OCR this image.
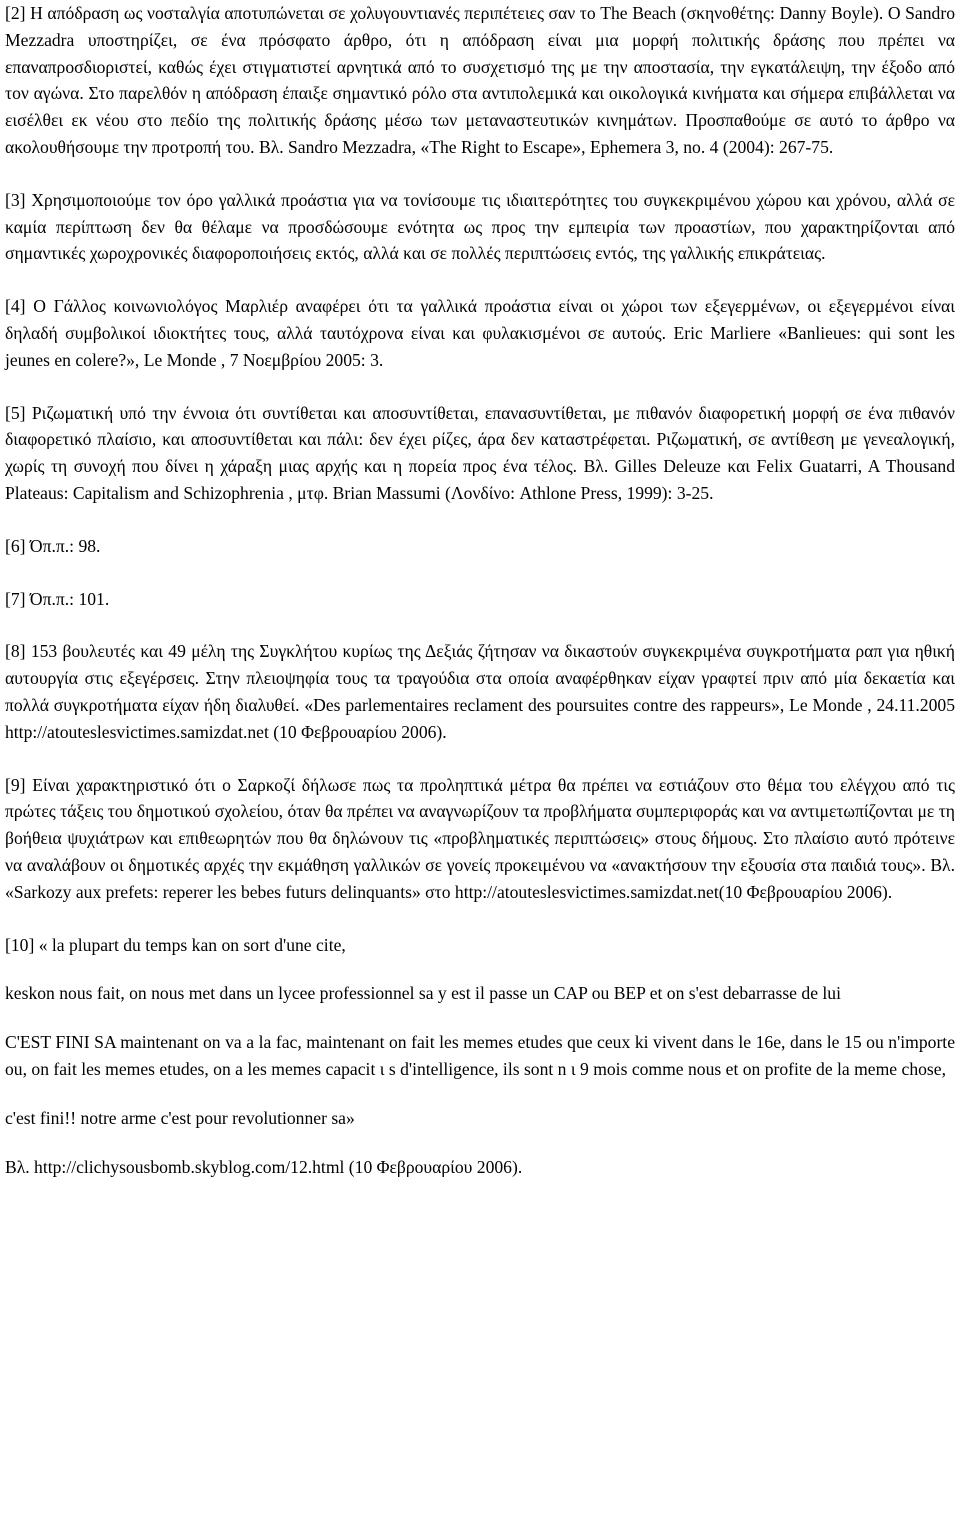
[2] Η απόδραση ως νοσταλγία αποτυπώνεται σε χολυγουντιανές περιπέτειες σαν το The Beach (σκηνοθέτης: Danny Boyle). Ο Sandro Mezzadra υποστηρίζει, σε ένα πρόσφατο άρθρο, ότι η απόδραση είναι μια μορφή πολιτικής δράσης που πρέπει να επαναπροσδιοριστεί, καθώς έχει στιγματιστεί αρνητικά από το συσχετισμό της με την αποστασία, την εγκατάλειψη, την έξοδο από τον αγώνα. Στο παρελθόν η απόδραση έπαιξε σημαντικό ρόλο στα αντιπολεμικά και οικολογικά κινήματα και σήμερα επιβάλλεται να εισέλθει εκ νέου στο πεδίο της πολιτικής δράσης μέσω των μεταναστευτικών κινημάτων. Προσπαθούμε σε αυτό το άρθρο να ακολουθήσουμε την προτροπή του. Βλ. Sandro Mezzadra, «The Right to Escape», Ephemera 3, no. 4 (2004): 267-75.

[3] Χρησιμοποιούμε τον όρο γαλλικά προάστια για να τονίσουμε τις ιδιαιτερότητες του συγκεκριμένου χώρου και χρόνου, αλλά σε καμία περίπτωση δεν θα θέλαμε να προσδώσουμε ενότητα ως προς την εμπειρία των προαστίων, που χαρακτηρίζονται από σημαντικές χωροχρονικές διαφοροποιήσεις εκτός, αλλά και σε πολλές περιπτώσεις εντός, της γαλλικής επικράτειας.

[4] Ο Γάλλος κοινωνιολόγος Μαρλιέρ αναφέρει ότι τα γαλλικά προάστια είναι οι χώροι των εξεγερμένων, οι εξεγερμένοι είναι δηλαδή συμβολικοί ιδιοκτήτες τους, αλλά ταυτόχρονα είναι και φυλακισμένοι σε αυτούς. Eric Marliere «Banlieues: qui sont les jeunes en colere?», Le Monde , 7 Νοεμβρίου 2005: 3.

[5] Ριζωματική υπό την έννοια ότι συντίθεται και αποσυντίθεται, επανασυντίθεται, με πιθανόν διαφορετική μορφή σε ένα πιθανόν διαφορετικό πλαίσιο, και αποσυντίθεται και πάλι: δεν έχει ρίζες, άρα δεν καταστρέφεται. Ριζωματική, σε αντίθεση με γενεαλογική, χωρίς τη συνοχή που δίνει η χάραξη μιας αρχής και η πορεία προς ένα τέλος. Βλ. Gilles Deleuze και Felix Guatarri, A Thousand Plateaus: Capitalism and Schizophrenia , μτφ. Brian Massumi (Λονδίνο: Athlone Press, 1999): 3-25.

[6] Όπ.π.: 98.

[7] Όπ.π.: 101.

[8] 153 βουλευτές και 49 μέλη της Συγκλήτου κυρίως της Δεξιάς ζήτησαν να δικαστούν συγκεκριμένα συγκροτήματα ραπ για ηθική αυτουργία στις εξεγέρσεις. Στην πλειοψηφία τους τα τραγούδια στα οποία αναφέρθηκαν είχαν γραφτεί πριν από μία δεκαετία και πολλά συγκροτήματα είχαν ήδη διαλυθεί. «Des parlementaires reclament des poursuites contre des rappeurs», Le Monde , 24.11.2005 http://atouteslesvictimes.samizdat.net (10 Φεβρουαρίου 2006).

[9] Είναι χαρακτηριστικό ότι ο Σαρκοζί δήλωσε πως τα προληπτικά μέτρα θα πρέπει να εστιάζουν στο θέμα του ελέγχου από τις πρώτες τάξεις του δημοτικού σχολείου, όταν θα πρέπει να αναγνωρίζουν τα προβλήματα συμπεριφοράς και να αντιμετωπίζονται με τη βοήθεια ψυχιάτρων και επιθεωρητών που θα δηλώνουν τις «προβληματικές περιπτώσεις» στους δήμους. Στο πλαίσιο αυτό πρότεινε να αναλάβουν οι δημοτικές αρχές την εκμάθηση γαλλικών σε γονείς προκειμένου να «ανακτήσουν την εξουσία στα παιδιά τους». Βλ. «Sarkozy aux prefets: reperer les bebes futurs delinquants» στο http://atouteslesvictimes.samizdat.net(10 Φεβρουαρίου 2006).

[10] « la plupart du temps kan on sort d'une cite,

keskon nous fait, on nous met dans un lycee professionnel sa y est il passe un CAP ou BEP et on s'est debarrasse de lui

C'EST FINI SA maintenant on va a la fac, maintenant on fait les memes etudes que ceux ki vivent dans le 16e, dans le 15 ou n'importe ou, on fait les memes etudes, on a les memes capacit ι s d'intelligence, ils sont n ι 9 mois comme nous et on profite de la meme chose,

c'est fini!! notre arme c'est pour revolutionner sa»

Βλ. http://clichysousbomb.skyblog.com/12.html (10 Φεβρουαρίου 2006).
